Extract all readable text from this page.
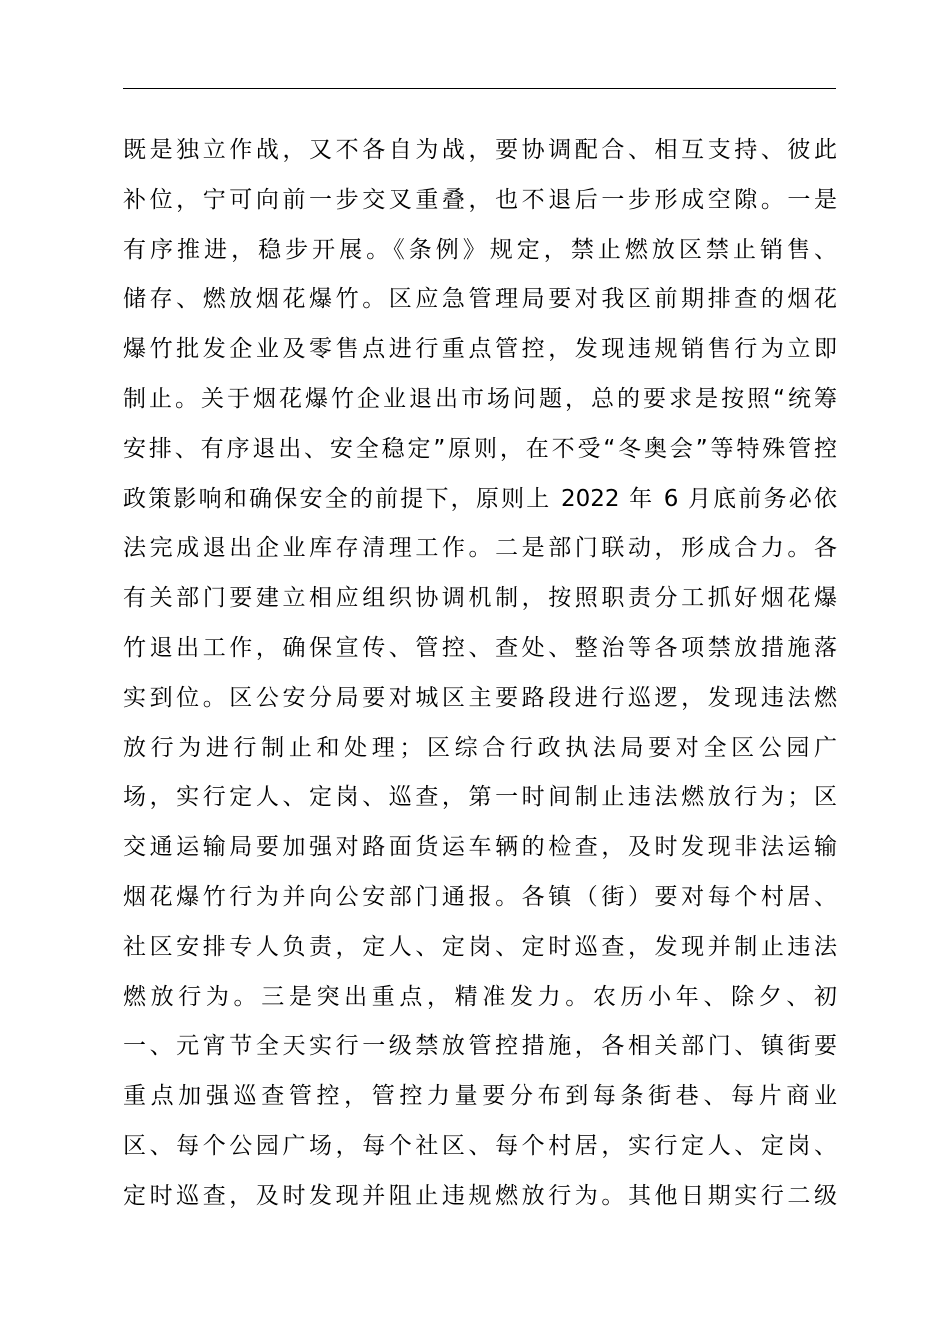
既是独立作战，又不各自为战，要协调配合、相互支持、彼此
补位，宁可向前一步交叉重叠，也不退后一步形成空隙。一是
有序推进，稳步开展。《条例》规定，禁止燃放区禁止销售、
储存、燃放烟花爆竹。区应急管理局要对我区前期排查的烟花
爆竹批发企业及零售点进行重点管控，发现违规销售行为立即
制止。关于烟花爆竹企业退出市场问题，总的要求是按照“统筹
安排、有序退出、安全稳定”原则，在不受“冬奥会”等特殊管控
政策影响和确保安全的前提下，原则上 2022 年 6 月底前务必依
法完成退出企业库存清理工作。二是部门联动，形成合力。各
有关部门要建立相应组织协调机制，按照职责分工抓好烟花爆
竹退出工作，确保宣传、管控、查处、整治等各项禁放措施落
实到位。区公安分局要对城区主要路段进行巡逻，发现违法燃
放行为进行制止和处理；区综合行政执法局要对全区公园广
场，实行定人、定岗、巡查，第一时间制止违法燃放行为；区
交通运输局要加强对路面货运车辆的检查，及时发现非法运输
烟花爆竹行为并向公安部门通报。各镇（街）要对每个村居、
社区安排专人负责，定人、定岗、定时巡查，发现并制止违法
燃放行为。三是突出重点，精准发力。农历小年、除夕、初
一、元宵节全天实行一级禁放管控措施，各相关部门、镇街要
重点加强巡查管控，管控力量要分布到每条街巷、每片商业
区、每个公园广场，每个社区、每个村居，实行定人、定岗、
定时巡查，及时发现并阻止违规燃放行为。其他日期实行二级
